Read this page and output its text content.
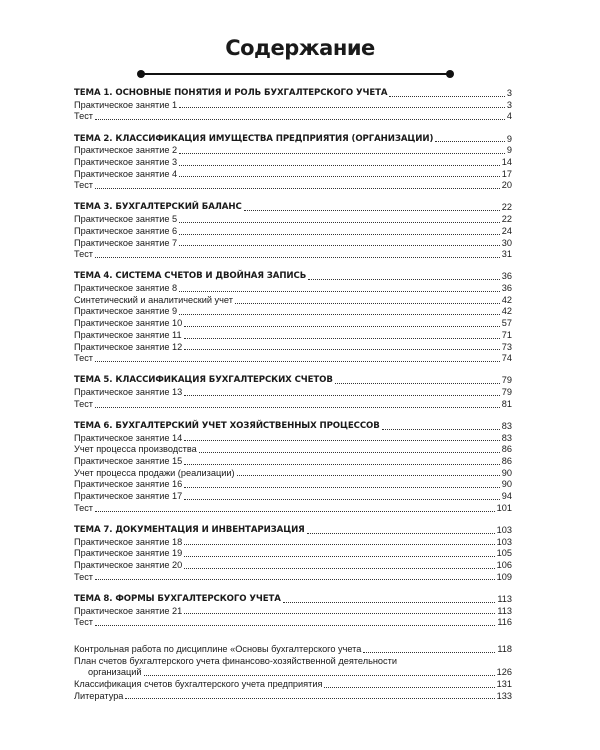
Содержание
ТЕМА 1. ОСНОВНЫЕ ПОНЯТИЯ И РОЛЬ БУХГАЛТЕРСКОГО УЧЕТА	3
Практическое занятие 1	3
Тест	4
ТЕМА 2. КЛАССИФИКАЦИЯ ИМУЩЕСТВА ПРЕДПРИЯТИЯ (ОРГАНИЗАЦИИ)	9
Практическое занятие 2	9
Практическое занятие 3	14
Практическое занятие 4	17
Тест	20
ТЕМА 3. БУХГАЛТЕРСКИЙ БАЛАНС	22
Практическое занятие 5	22
Практическое занятие 6	24
Практическое занятие 7	30
Тест	31
ТЕМА 4. СИСТЕМА СЧЕТОВ И ДВОЙНАЯ ЗАПИСЬ	36
Практическое занятие 8	36
Синтетический и аналитический учет	42
Практическое занятие 9	42
Практическое занятие 10	57
Практическое занятие 11	71
Практическое занятие 12	73
Тест	74
ТЕМА 5. КЛАССИФИКАЦИЯ БУХГАЛТЕРСКИХ СЧЕТОВ	79
Практическое занятие 13	79
Тест	81
ТЕМА 6. БУХГАЛТЕРСКИЙ УЧЕТ ХОЗЯЙСТВЕННЫХ ПРОЦЕССОВ	83
Практическое занятие 14	83
Учет процесса производства	86
Практическое занятие 15	86
Учет процесса продажи (реализации)	90
Практическое занятие 16	90
Практическое занятие 17	94
Тест	101
ТЕМА 7. ДОКУМЕНТАЦИЯ И ИНВЕНТАРИЗАЦИЯ	103
Практическое занятие 18	103
Практическое занятие 19	105
Практическое занятие 20	106
Тест	109
ТЕМА 8. ФОРМЫ БУХГАЛТЕРСКОГО УЧЕТА	113
Практическое занятие 21	113
Тест	116
Контрольная работа по дисциплине «Основы бухгалтерского учета	118
План счетов бухгалтерского учета финансово-хозяйственной деятельности
организаций	126
Классификация счетов бухгалтерского учета предприятия	131
Литература	133
